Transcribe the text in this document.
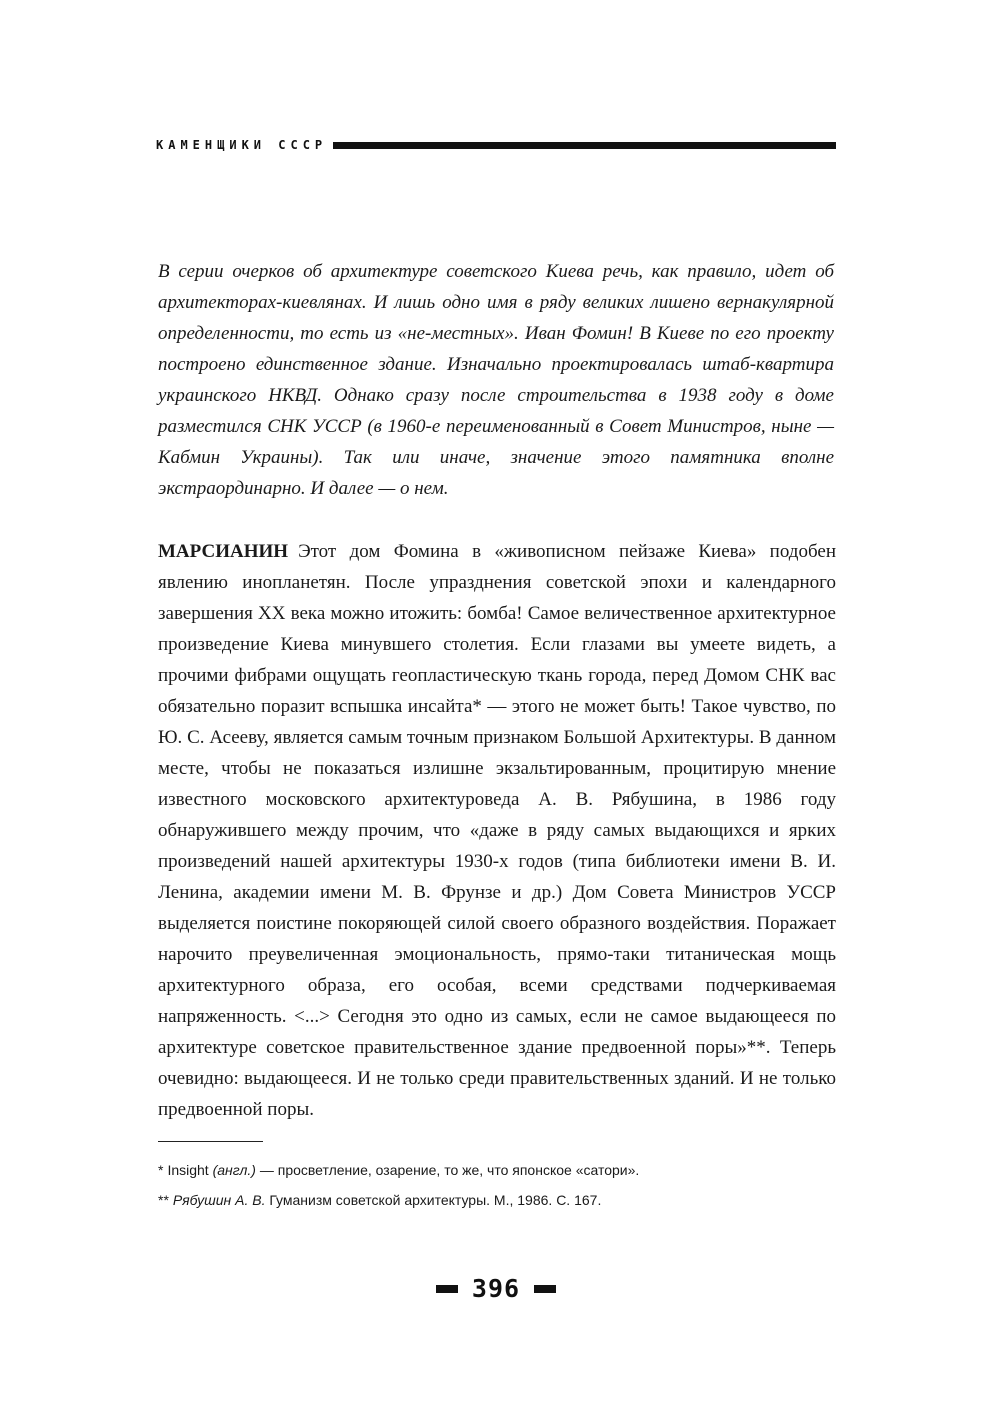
КАМЕНЩИКИ СССР

В серии очерков об архитектуре советского Киева речь, как правило, идет об архитекторах-киевлянах. И лишь одно имя в ряду великих лишено вернакулярной определенности, то есть из «не-местных». Иван Фомин! В Киеве по его проекту построено единственное здание. Изначально проектировалась штаб-квартира украинского НКВД. Однако сразу после строительства в 1938 году в доме разместился СНК УССР (в 1960-е переименованный в Совет Министров, ныне — Кабмин Украины). Так или иначе, значение этого памятника вполне экстраординарно. И далее — о нем.

МАРСИАНИН Этот дом Фомина в «живописном пейзаже Киева» подобен явлению инопланетян. После упразднения советской эпохи и календарного завершения XX века можно итожить: бомба! Самое величественное архитектурное произведение Киева минувшего столетия. Если глазами вы умеете видеть, а прочими фибрами ощущать геопластическую ткань города, перед Домом СНК вас обязательно поразит вспышка инсайта* — этого не может быть! Такое чувство, по Ю. С. Асееву, является самым точным признаком Большой Архитектуры. В данном месте, чтобы не показаться излишне экзальтированным, процитирую мнение известного московского архитектуроведа А. В. Рябушина, в 1986 году обнаружившего между прочим, что «даже в ряду самых выдающихся и ярких произведений нашей архитектуры 1930-х годов (типа библиотеки имени В. И. Ленина, академии имени М. В. Фрунзе и др.) Дом Совета Министров УССР выделяется поистине покоряющей силой своего образного воздействия. Поражает нарочито преувеличенная эмоциональность, прямо-таки титаническая мощь архитектурного образа, его особая, всеми средствами подчеркиваемая напряженность. <...> Сегодня это одно из самых, если не самое выдающееся по архитектуре советское правительственное здание предвоенной поры»**. Теперь очевидно: выдающееся. И не только среди правительственных зданий. И не только предвоенной поры.

* Insight (англ.) — просветление, озарение, то же, что японское «сатори».

** Рябушин А. В. Гуманизм советской архитектуры. М., 1986. С. 167.

396
